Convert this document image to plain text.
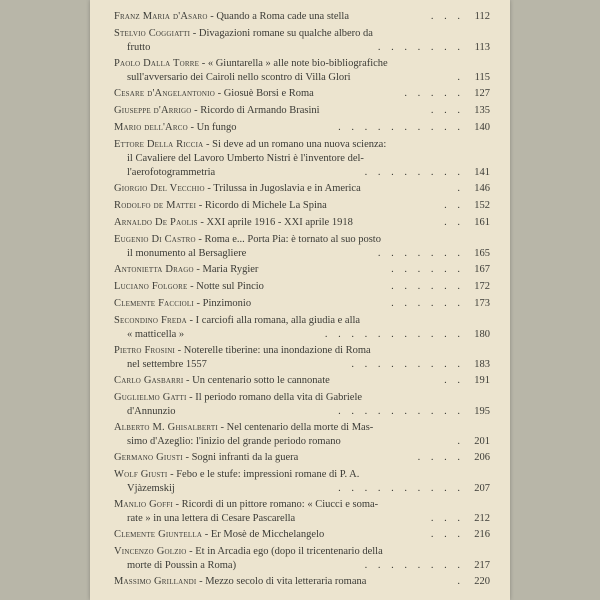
Franz Maria d'Asaro - Quando a Roma cade una stella	. . . 112
Stelvio Coggiatti - Divagazioni romane su qualche albero da
frutto	. . . . . . . 113
Paolo Dalla Torre - « Giuntarella » alle note bio-bibliografiche
sull'avversario dei Cairoli nello scontro di Villa Glori	. 115
Cesare d'Angelantonio - Giosuè Borsi e Roma	. . . . . 127
Giuseppe d'Arrigo - Ricordo di Armando Brasini	. . . 135
Mario dell'Arco - Un fungo	. . . . . . . . . . 140
Ettore Della Riccia - Si deve ad un romano una nuova scienza:
il Cavaliere del Lavoro Umberto Nistri è l'inventore del-
l'aerofotogrammetria	. . . . . . . . 141
Giorgio Del Vecchio - Trilussa in Jugoslavia e in America	. 146
Rodolfo de Mattei - Ricordo di Michele La Spina	. . 152
Arnaldo De Paolis - XXI aprile 1916 - XXI aprile 1918	. . 161
Eugenio Di Castro - Roma e... Porta Pia: è tornato al suo posto
il monumento al Bersagliere	. . . . . . . 165
Antonietta Drago - Maria Rygier	. . . . . . 167
Luciano Folgore - Notte sul Pincio	. . . . . . 172
Clemente Faccioli - Pinzimonio	. . . . . . 173
Secondino Freda - I carciofi alla romana, alla giudia e alla
« matticella »	. . . . . . . . . . . 180
Pietro Frosini - Noterelle tiberine: una inondazione di Roma
nel settembre 1557	. . . . . . . . . 183
Carlo Gasbarri - Un centenario sotto le cannonate	. . 191
Guglielmo Gatti - Il periodo romano della vita di Gabriele
d'Annunzio	. . . . . . . . . . 195
Alberto M. Ghisalberti - Nel centenario della morte di Mas-
simo d'Azeglio: l'inizio del grande periodo romano	. 201
Germano Giusti - Sogni infranti da la guera	. . . . 206
Wolf Giusti - Febo e le stufe: impressioni romane di P. A.
Vjàzemskij	. . . . . . . . . . 207
Manlio Goffi - Ricordi di un pittore romano: « Ciucci e soma-
rate » in una lettera di Cesare Pascarella	. . . 212
Clemente Giuntella - Er Mosè de Micchelangelo	. . . 216
Vincenzo Golzio - Et in Arcadia ego (dopo il tricentenario della
morte di Poussin a Roma)	. . . . . . . . 217
Massimo Grillandi - Mezzo secolo di vita letteraria romana	. 220
